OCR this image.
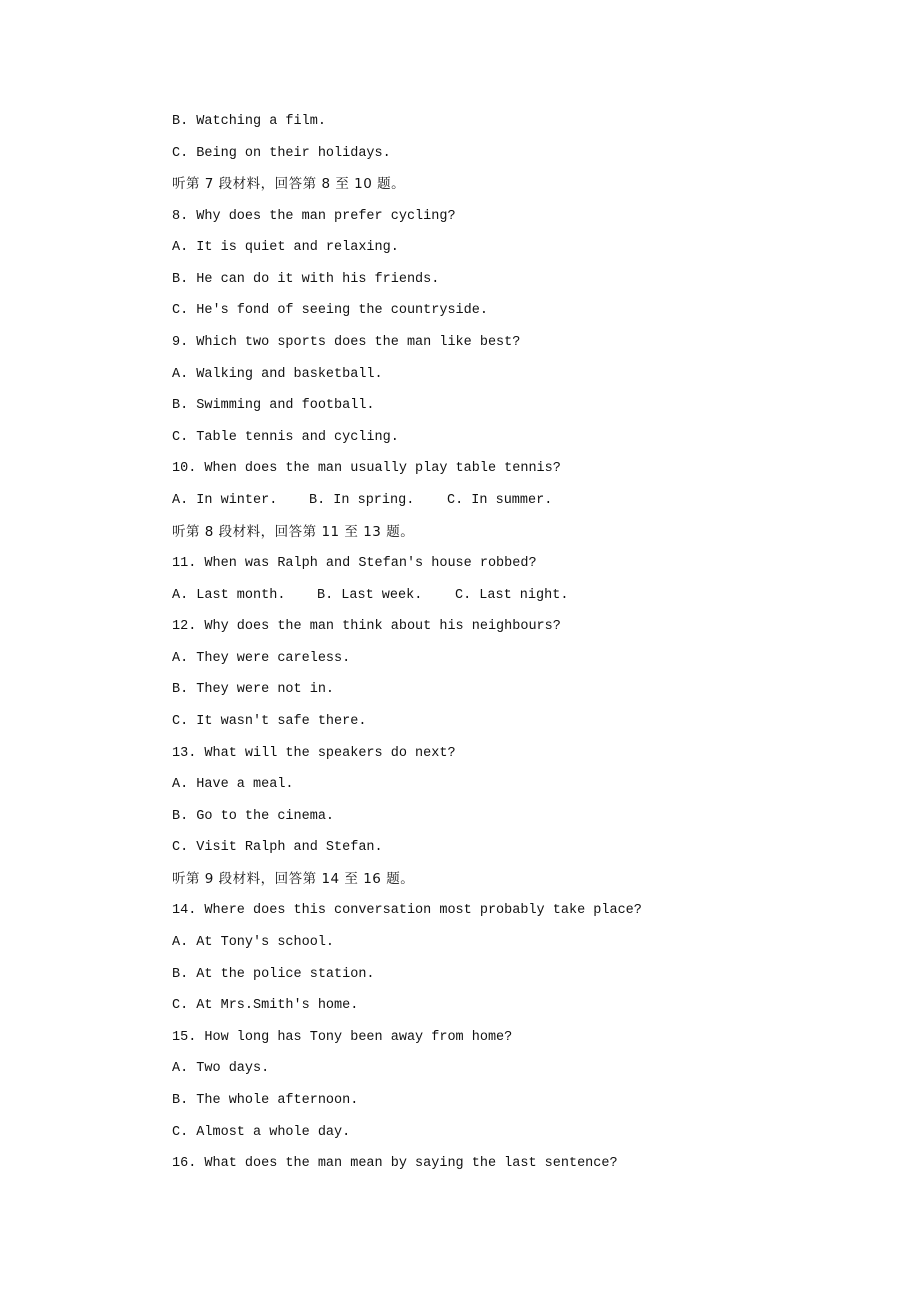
B. Watching a film.
C. Being on their holidays.
听第 7 段材料，回答第 8 至 10 题。
8. Why does the man prefer cycling?
A. It is quiet and relaxing.
B. He can do it with his friends.
C. He's fond of seeing the countryside.
9. Which two sports does the man like best?
A. Walking and basketball.
B. Swimming and football.
C. Table tennis and cycling.
10. When does the man usually play table tennis?
A. In winter. B. In spring. C. In summer.
听第 8 段材料，回答第 11 至 13 题。
11. When was Ralph and Stefan's house robbed?
A. Last month. B. Last week. C. Last night.
12. Why does the man think about his neighbours?
A. They were careless.
B. They were not in.
C. It wasn't safe there.
13. What will the speakers do next?
A. Have a meal.
B. Go to the cinema.
C. Visit Ralph and Stefan.
听第 9 段材料，回答第 14 至 16 题。
14. Where does this conversation most probably take place?
A. At Tony's school.
B. At the police station.
C. At Mrs.Smith's home.
15. How long has Tony been away from home?
A. Two days.
B. The whole afternoon.
C. Almost a whole day.
16. What does the man mean by saying the last sentence?
